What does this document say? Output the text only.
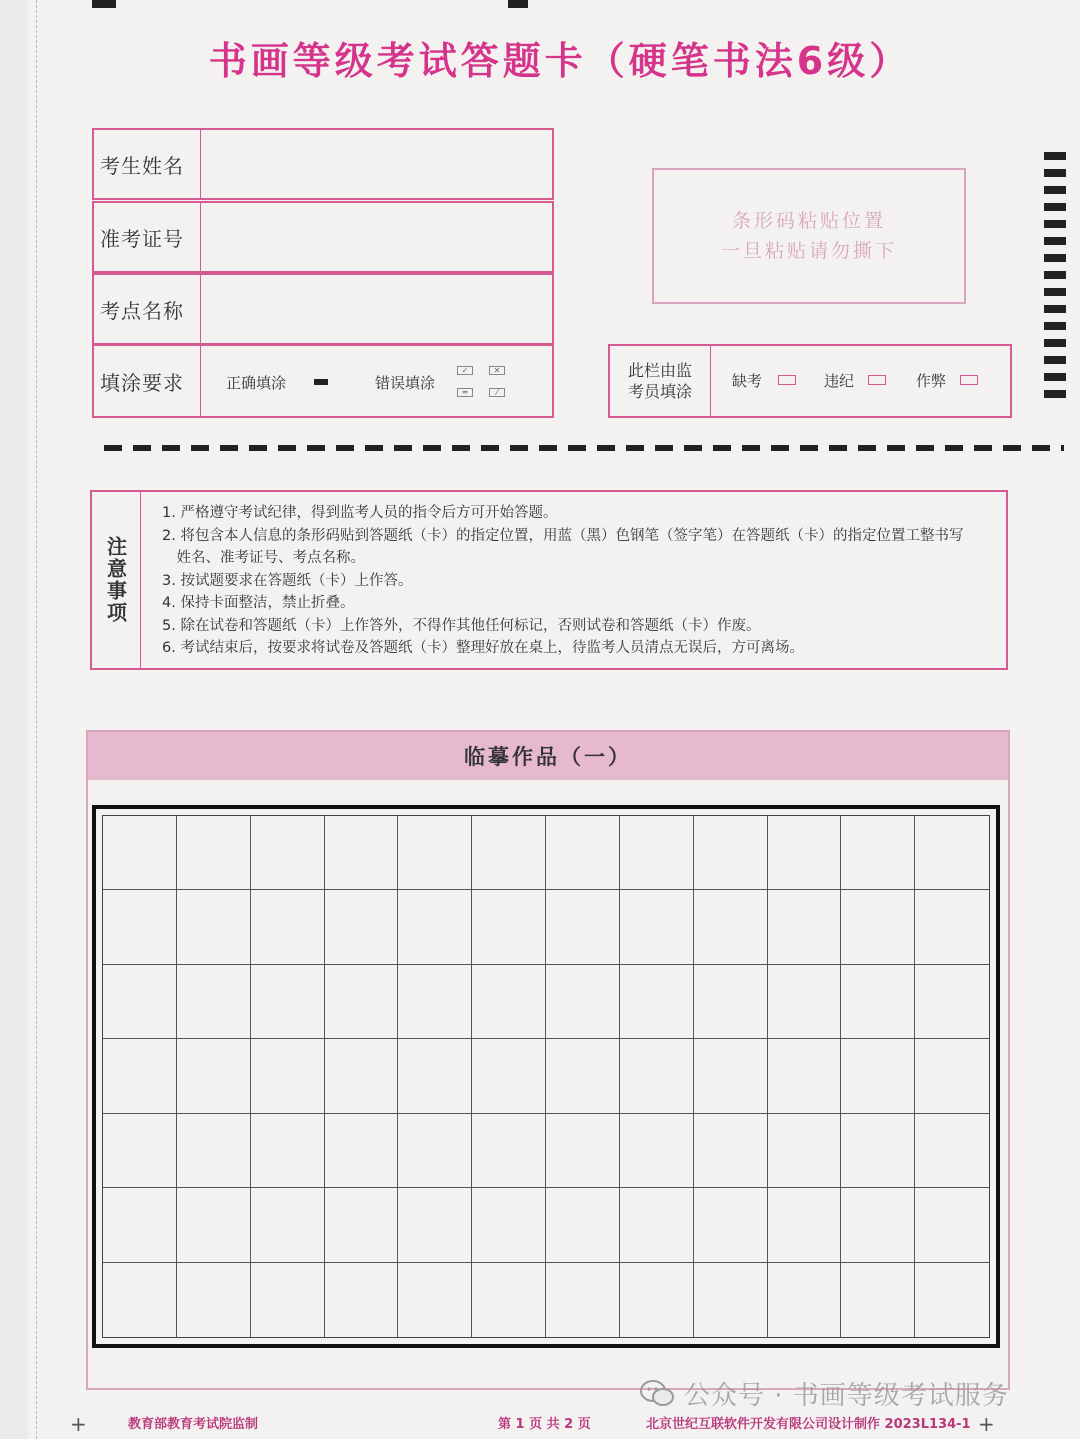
书画等级考试答题卡（硬笔书法6级）
考生姓名
准考证号
考点名称
填涂要求	正确填涂	错误填涂
✓	✕
═	⁄
条形码粘贴位置
一旦粘贴请勿撕下
此栏由监
考员填涂
缺考	违纪	作弊
注意事项
1. 严格遵守考试纪律，得到监考人员的指令后方可开始答题。
2. 将包含本人信息的条形码贴到答题纸（卡）的指定位置，用蓝（黑）色钢笔（签字笔）在答题纸（卡）的指定位置工整书写
　姓名、准考证号、考点名称。
3. 按试题要求在答题纸（卡）上作答。
4. 保持卡面整洁，禁止折叠。
5. 除在试卷和答题纸（卡）上作答外，不得作其他任何标记，否则试卷和答题纸（卡）作废。
6. 考试结束后，按要求将试卷及答题纸（卡）整理好放在桌上，待监考人员清点无误后，方可离场。
临摹作品（一）
公众号 · 书画等级考试服务
+	教育部教育考试院监制	第 1 页 共 2 页	北京世纪互联软件开发有限公司设计制作 2023L134-1 +
